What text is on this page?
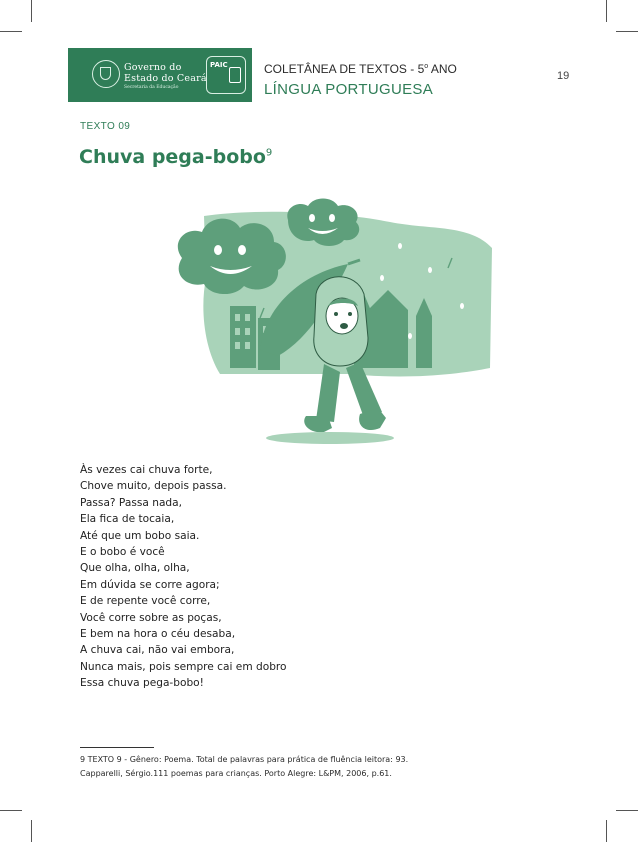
Governo do
Estado do Ceará
Secretaria da Educação
PAIC	COLETÂNEA DE TEXTOS - 5$^o$ ANO
LÍNGUA PORTUGUESA
19
TEXTO 09
Chuva pega-bobo$^9$
Às vezes cai chuva forte,
Chove muito, depois passa.
Passa? Passa nada,
Ela fica de tocaia,
Até que um bobo saia.
E o bobo é você
Que olha, olha, olha,
Em dúvida se corre agora;
E de repente você corre,
Você corre sobre as poças,
E bem na hora o céu desaba,
A chuva cai, não vai embora,
Nunca mais, pois sempre cai em dobro
Essa chuva pega-bobo!
9 TEXTO 9 - Gênero: Poema. Total de palavras para prática de fluência leitora: 93.
Capparelli, Sérgio.111 poemas para crianças. Porto Alegre: L&PM, 2006, p.61.
